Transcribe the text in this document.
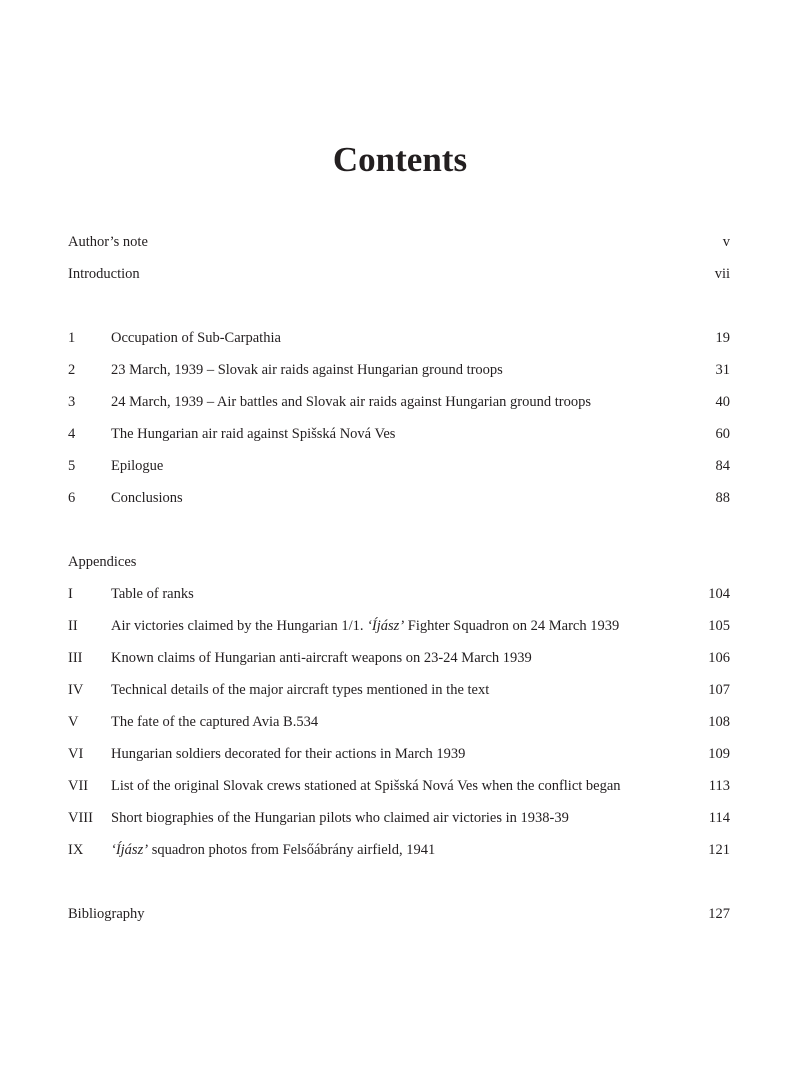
Contents
Author’s note	v
Introduction	vii
1 Occupation of Sub-Carpathia	19
2 23 March, 1939 – Slovak air raids against Hungarian ground troops	31
3 24 March, 1939 – Air battles and Slovak air raids against Hungarian ground troops	40
4 The Hungarian air raid against Spišská Nová Ves	60
5 Epilogue	84
6 Conclusions	88
Appendices
I	Table of ranks	104
II Air victories claimed by the Hungarian 1/1. ‘Íjász’ Fighter Squadron on 24 March 1939	105
III Known claims of Hungarian anti-aircraft weapons on 23-24 March 1939	106
IV Technical details of the major aircraft types mentioned in the text	107
V The fate of the captured Avia B.534	108
VI Hungarian soldiers decorated for their actions in March 1939	109
VII List of the original Slovak crews stationed at Spišská Nová Ves when the conflict began	113
VIII Short biographies of the Hungarian pilots who claimed air victories in 1938-39	114
IX ‘Íjász’ squadron photos from Felsőábrány airfield, 1941	121
Bibliography	127
